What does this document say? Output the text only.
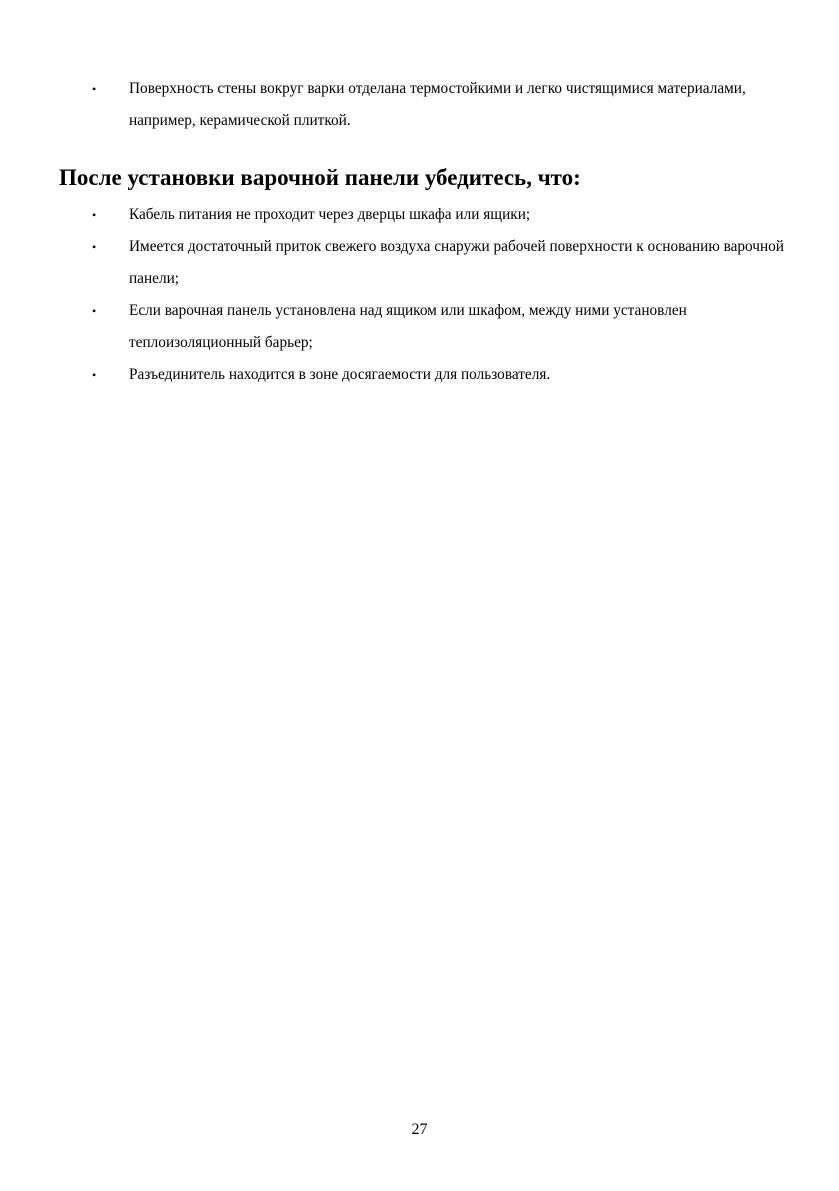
• Поверхность стены вокруг варки отделана термостойкими и легко чистящимися материалами, например, керамической плиткой.
После установки варочной панели убедитесь, что:
• Кабель питания не проходит через дверцы шкафа или ящики;
• Имеется достаточный приток свежего воздуха снаружи рабочей поверхности к основанию варочной панели;
• Если варочная панель установлена над ящиком или шкафом, между ними установлен теплоизоляционный барьер;
• Разъединитель находится в зоне досягаемости для пользователя.
27
